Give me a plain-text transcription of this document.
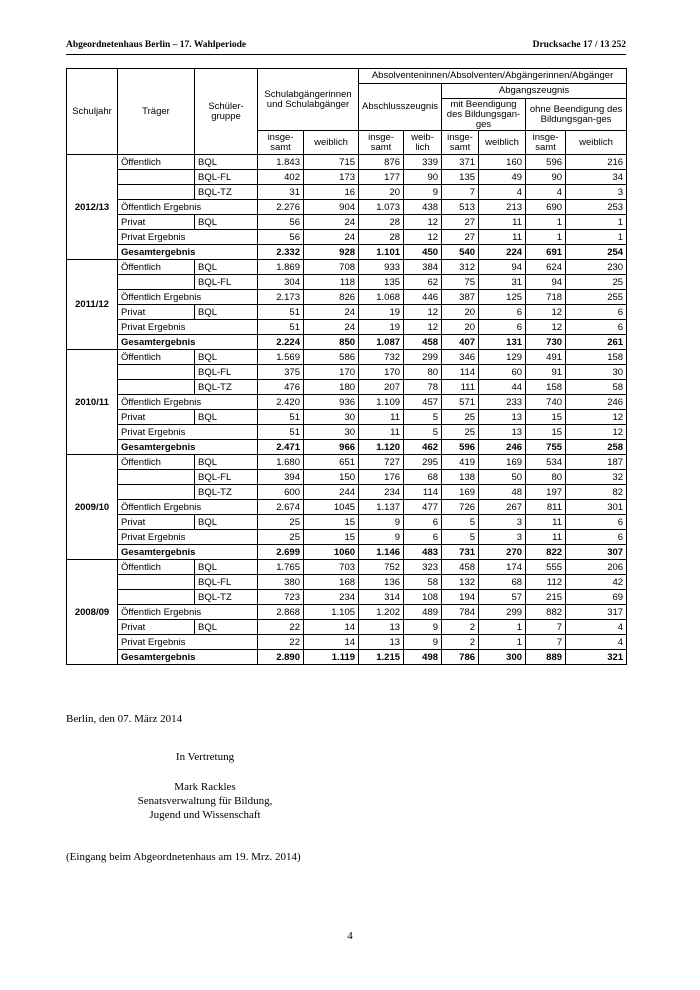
Abgeordnetenhaus Berlin – 17. Wahlperiode	Drucksache 17 / 13 252
Schuljahr	Träger	Schüler-gruppe	Schulabgängerinnen und Schulabgänger		Absolventeninnen/Absolventen/Abgängerinnen/Abgänger					
					Abschlusszeugnis		Abgangszeugnis			
							mit Beendigung des Bildungsgan-ges		ohne Beendigung des Bildungsgan-ges	
			insge-samt	weiblich	insge-samt	weib-lich	insge-samt	weiblich	insge-samt	weiblich
2012/13	Öffentlich	BQL	1.843	715	876	339	371	160	596	216
		BQL-FL	402	173	177	90	135	49	90	34
		BQL-TZ	31	16	20	9	7	4	4	3
	Öffentlich Ergebnis		2.276	904	1.073	438	513	213	690	253
	Privat	BQL	56	24	28	12	27	11	1	1
	Privat Ergebnis		56	24	28	12	27	11	1	1
	Gesamtergebnis		2.332	928	1.101	450	540	224	691	254
2011/12	Öffentlich	BQL	1.869	708	933	384	312	94	624	230
		BQL-FL	304	118	135	62	75	31	94	25
	Öffentlich Ergebnis		2.173	826	1.068	446	387	125	718	255
	Privat	BQL	51	24	19	12	20	6	12	6
	Privat Ergebnis		51	24	19	12	20	6	12	6
	Gesamtergebnis		2.224	850	1.087	458	407	131	730	261
2010/11	Öffentlich	BQL	1.569	586	732	299	346	129	491	158
		BQL-FL	375	170	170	80	114	60	91	30
		BQL-TZ	476	180	207	78	111	44	158	58
	Öffentlich Ergebnis		2.420	936	1.109	457	571	233	740	246
	Privat	BQL	51	30	11	5	25	13	15	12
	Privat Ergebnis		51	30	11	5	25	13	15	12
	Gesamtergebnis		2.471	966	1.120	462	596	246	755	258
2009/10	Öffentlich	BQL	1.680	651	727	295	419	169	534	187
		BQL-FL	394	150	176	68	138	50	80	32
		BQL-TZ	600	244	234	114	169	48	197	82
	Öffentlich Ergebnis		2.674	1045	1.137	477	726	267	811	301
	Privat	BQL	25	15	9	6	5	3	11	6
	Privat Ergebnis		25	15	9	6	5	3	11	6
	Gesamtergebnis		2.699	1060	1.146	483	731	270	822	307
2008/09	Öffentlich	BQL	1.765	703	752	323	458	174	555	206
		BQL-FL	380	168	136	58	132	68	112	42
		BQL-TZ	723	234	314	108	194	57	215	69
	Öffentlich Ergebnis		2.868	1.105	1.202	489	784	299	882	317
	Privat	BQL	22	14	13	9	2	1	7	4
	Privat Ergebnis		22	14	13	9	2	1	7	4
	Gesamtergebnis		2.890	1.119	1.215	498	786	300	889	321
Berlin, den 07. März 2014
In Vertretung
Mark Rackles
Senatsverwaltung für Bildung,
Jugend und Wissenschaft
(Eingang beim Abgeordnetenhaus am 19. Mrz. 2014)
4
